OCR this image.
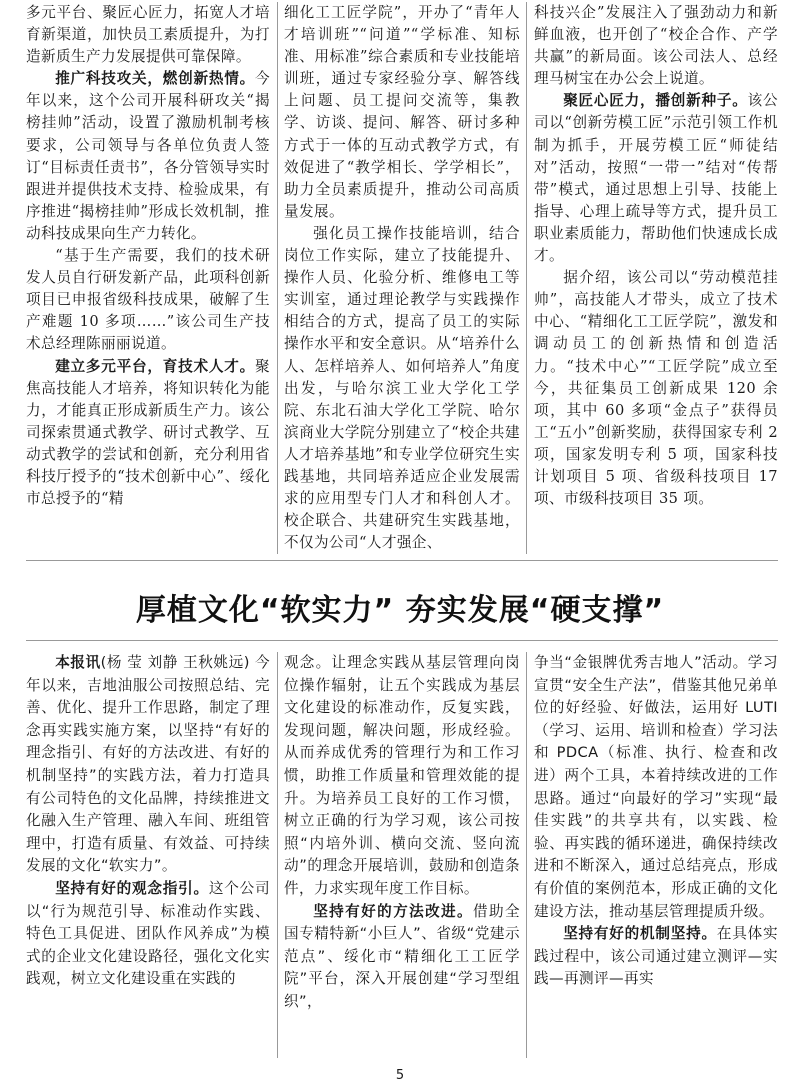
多元平台、聚匠心匠力，拓宽人才培育新渠道，加快员工素质提升，为打造新质生产力发展提供可靠保障。

推广科技攻关，燃创新热情。今年以来，这个公司开展科研攻关“揭榜挂帅”活动，设置了激励机制考核要求，公司领导与各单位负责人签订“目标责任责书”，各分管领导实时跟进并提供技术支持、检验成果，有序推进“揭榜挂帅”形成长效机制，推动科技成果向生产力转化。

“基于生产需要，我们的技术研发人员自行研发新产品，此项科创新项目已申报省级科技成果，破解了生产难题 10 多项……”该公司生产技术总经理陈丽丽说道。

建立多元平台，育技术人才。聚焦高技能人才培养，将知识转化为能力，才能真正形成新质生产力。该公司探索贯通式教学、研讨式教学、互动式教学的尝试和创新，充分利用省科技厅授予的“技术创新中心”、绥化市总授予的“精

细化工工匠学院”，开办了“青年人才培训班”“问道”“学标准、知标准、用标准”综合素质和专业技能培训班，通过专家经验分享、解答线上问题、员工提问交流等，集教学、访谈、提问、解答、研讨多种方式于一体的互动式教学方式，有效促进了“教学相长、学学相长”，助力全员素质提升，推动公司高质量发展。

强化员工操作技能培训，结合岗位工作实际，建立了技能提升、操作人员、化验分析、维修电工等实训室，通过理论教学与实践操作相结合的方式，提高了员工的实际操作水平和安全意识。从“培养什么人、怎样培养人、如何培养人”角度出发，与哈尔滨工业大学化工学院、东北石油大学化工学院、哈尔滨商业大学院分别建立了“校企共建人才培养基地”和专业学位研究生实践基地，共同培养适应企业发展需求的应用型专门人才和科创人才。校企联合、共建研究生实践基地，不仅为公司“人才强企、

科技兴企”发展注入了强劲动力和新鲜血液，也开创了“校企合作、产学共赢”的新局面。该公司法人、总经理马树宝在办公会上说道。

聚匠心匠力，播创新种子。该公司以“创新劳模工匠”示范引领工作机制为抓手，开展劳模工匠“师徒结对”活动，按照“一带一”结对“传帮带”模式，通过思想上引导、技能上指导、心理上疏导等方式，提升员工职业素质能力，帮助他们快速成长成才。

据介绍，该公司以“劳动模范挂帅”，高技能人才带头，成立了技术中心、“精细化工工匠学院”，激发和调动员工的创新热情和创造活力。“技术中心”“工匠学院”成立至今，共征集员工创新成果 120 余项，其中 60 多项“金点子”获得员工“五小”创新奖励，获得国家专利 2 项，国家发明专利 5 项，国家科技计划项目 5 项、省级科技项目 17 项、市级科技项目 35 项。

厚植文化“软实力” 夯实发展“硬支撑”

本报讯(杨 莹 刘静 王秋姚远) 今年以来，吉地油服公司按照总结、完善、优化、提升工作思路，制定了理念再实践实施方案，以坚持“有好的理念指引、有好的方法改进、有好的机制坚持”的实践方法，着力打造具有公司特色的文化品牌，持续推进文化融入生产管理、融入车间、班组管理中，打造有质量、有效益、可持续发展的文化“软实力”。

坚持有好的观念指引。这个公司以“行为规范引导、标准动作实践、特色工具促进、团队作风养成”为模式的企业文化建设路径，强化文化实践观，树立文化建设重在实践的

观念。让理念实践从基层管理向岗位操作辐射，让五个实践成为基层文化建设的标准动作，反复实践，发现问题，解决问题，形成经验。从而养成优秀的管理行为和工作习惯，助推工作质量和管理效能的提升。为培养员工良好的工作习惯，树立正确的行为学习观，该公司按照“内培外训、横向交流、竖向流动”的理念开展培训，鼓励和创造条件，力求实现年度工作目标。

坚持有好的方法改进。借助全国专精特新“小巨人”、省级“党建示范点”、绥化市“精细化工工匠学院”平台，深入开展创建“学习型组织”，

争当“金银牌优秀吉地人”活动。学习宣贯“安全生产法”，借鉴其他兄弟单位的好经验、好做法，运用好 LUTI（学习、运用、培训和检查）学习法和 PDCA（标准、执行、检查和改进）两个工具，本着持续改进的工作思路。通过“向最好的学习”实现“最佳实践”的共享共有，以实践、检验、再实践的循环递进，确保持续改进和不断深入，通过总结亮点，形成有价值的案例范本，形成正确的文化建设方法，推动基层管理提质升级。

坚持有好的机制坚持。在具体实践过程中，该公司通过建立测评—实践—再测评—再实

5
